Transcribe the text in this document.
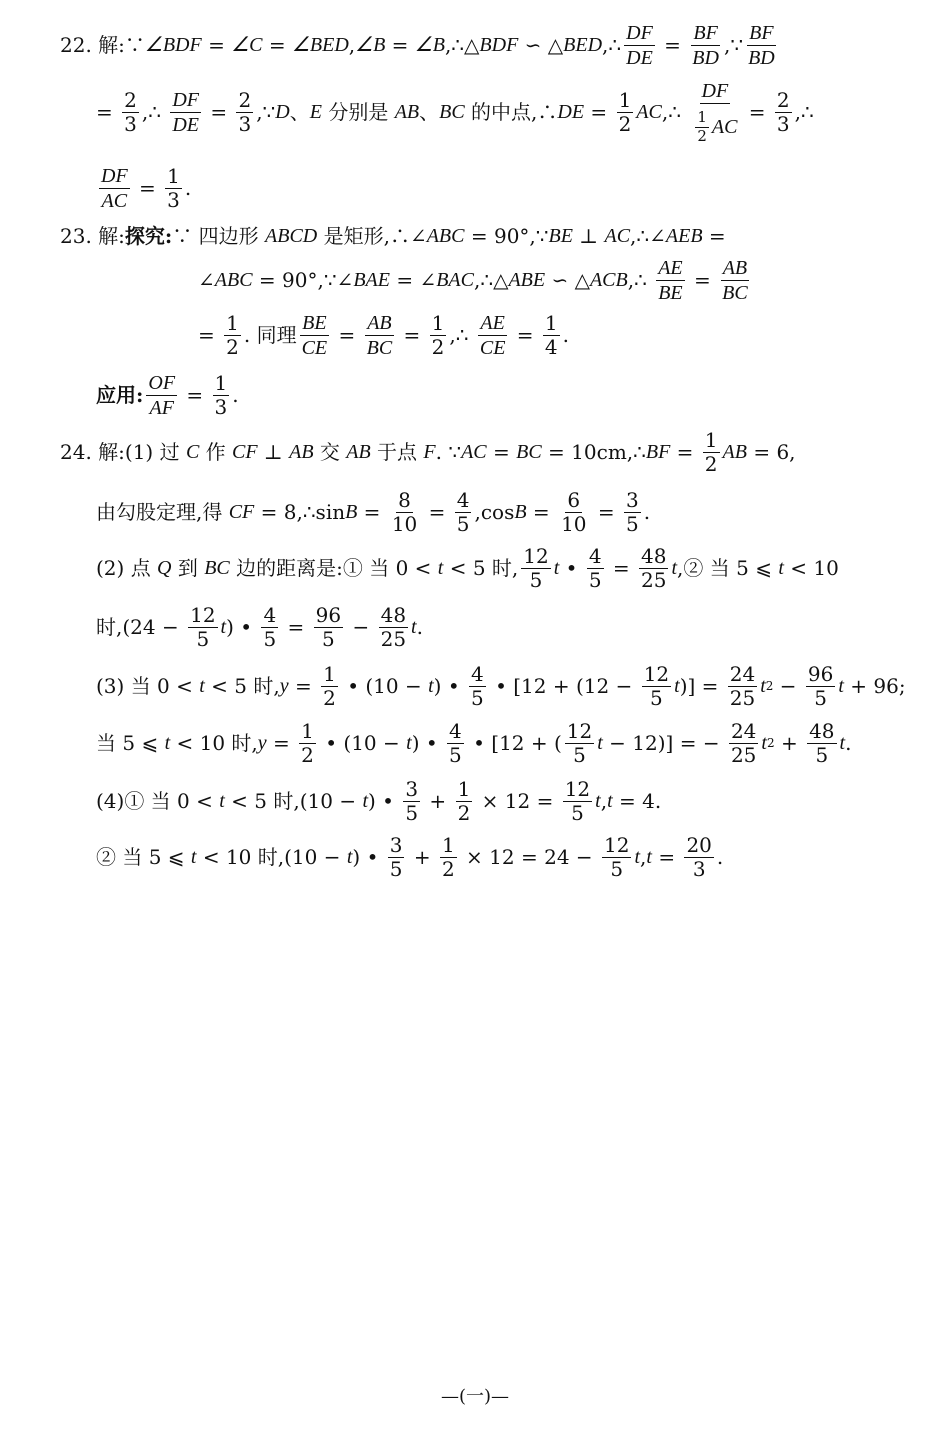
22. 解:∵ ∠BDF = ∠C = ∠BED , ∠B = ∠B ,∴△ BDF ∽ △ BED ,∴ $\frac{DF}{DE} = \frac{BF}{BD}$ ,∵ $\frac{BF}{BD}$
= $\frac{2}{3}$ ,∴ $\frac{DF}{DE} = \frac{2}{3}$ ,∵ D 、 E 分别是 AB 、 BC 的中点,∴ DE = $\frac{1}{2}$ AC ,∴ $\frac{DF}{\frac{1}{2} AC} = \frac{2}{3}$ ,∴
$\frac{DF}{AC} = \frac{1}{3}$ .
23. 解: 探究: ∵ 四边形 ABCD 是矩形,∴∠ ABC = 90°,∵ BE ⊥ AC ,∴∠ AEB =
∠ ABC = 90°,∵∠ BAE = ∠ BAC ,∴△ ABE ∽ △ ACB ,∴ $\frac{AE}{BE} = \frac{AB}{BC}$
= $\frac{1}{2}$ . 同理 $\frac{BE}{CE} = \frac{AB}{BC} = \frac{1}{2}$ ,∴ $\frac{AE}{CE} = \frac{1}{4}$ .
应用: $\frac{OF}{AF} = \frac{1}{3}$ .
24. 解:(1) 过 C 作 CF ⊥ AB 交 AB 于点 F . ∵ AC = BC = 10cm,∴ BF = $\frac{1}{2}$ AB = 6,
由勾股定理,得 CF = 8,∴sin $B = \frac{8}{10} = \frac{4}{5} ,\cos$ $B = \frac{6}{10} = \frac{3}{5}$ .
(2) 点 Q 到 BC 边的距离是:① 当 0 < t < 5 时, $\frac{12}{5}$ t • $\frac{4}{5} = \frac{48}{25}$ t ,② 当 5 ⩽ t < 10
时$,(24 - \frac{12}{5}$ t ) • $\frac{4}{5} = \frac{96}{5} - \frac{48}{25}$ t .
(3) 当 0 < t < 5 时, $y = \frac{1}{2}$ • (10 − t ) • $\frac{4}{5}$ • [$12 + (12 - \frac{12}{5}$ t )] = $\frac{24}{25}$ t $2 - \frac{96}{5}$ t + 96;
当 5 ⩽ t < 10 时, $y = \frac{1}{2}$ • (10 − t ) • $\frac{4}{5}$ • [12 + ( $\frac{12}{5}$ t − 12)] = − $\frac{24}{25}$ t $2 + \frac{48}{5}$ t .
(4)① 当 0 < t < 5 时,(10 − t ) • $\frac{3}{5} + \frac{1}{2} \times 12 = \frac{12}{5}$ t , t = 4.
② 当 5 ⩽ t < 10 时,(10 − t ) • $\frac{3}{5} + \frac{1}{2} \times 12 = 24 - \frac{12}{5}$ t , $t = \frac{20}{3}$ .
—(一)—
